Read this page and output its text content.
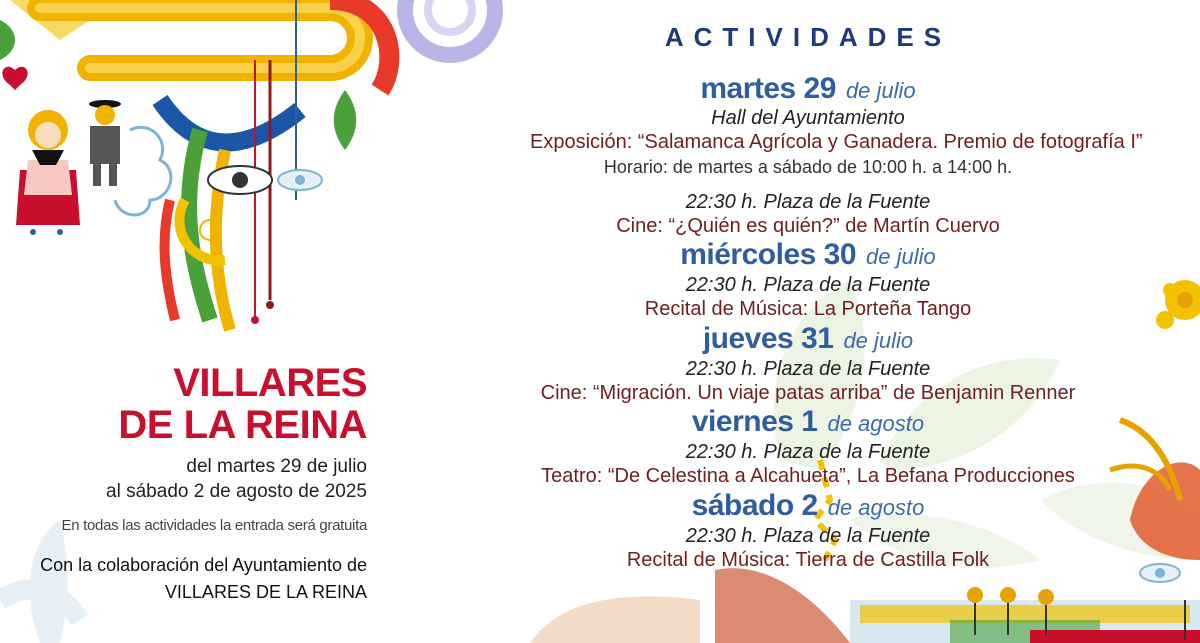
VILLARES
DE LA REINA
del martes 29 de julio
al sábado 2 de agosto de 2025
En todas las actividades la entrada será gratuita
Con la colaboración del Ayuntamiento de
VILLARES DE LA REINA
ACTIVIDADES
martes 29 de julio
Hall del Ayuntamiento
Exposición: “Salamanca Agrícola y Ganadera. Premio de fotografía I”
Horario: de martes a sábado de 10:00 h. a 14:00 h.
22:30 h. Plaza de la Fuente
Cine: “¿Quién es quién?” de Martín Cuervo
miércoles 30 de julio
22:30 h. Plaza de la Fuente
Recital de Música: La Porteña Tango
jueves 31 de julio
22:30 h. Plaza de la Fuente
Cine: “Migración. Un viaje patas arriba” de Benjamin Renner
viernes 1 de agosto
22:30 h. Plaza de la Fuente
Teatro: “De Celestina a Alcahueta”, La Befana Producciones
sábado 2 de agosto
22:30 h. Plaza de la Fuente
Recital de Música: Tierra de Castilla Folk
